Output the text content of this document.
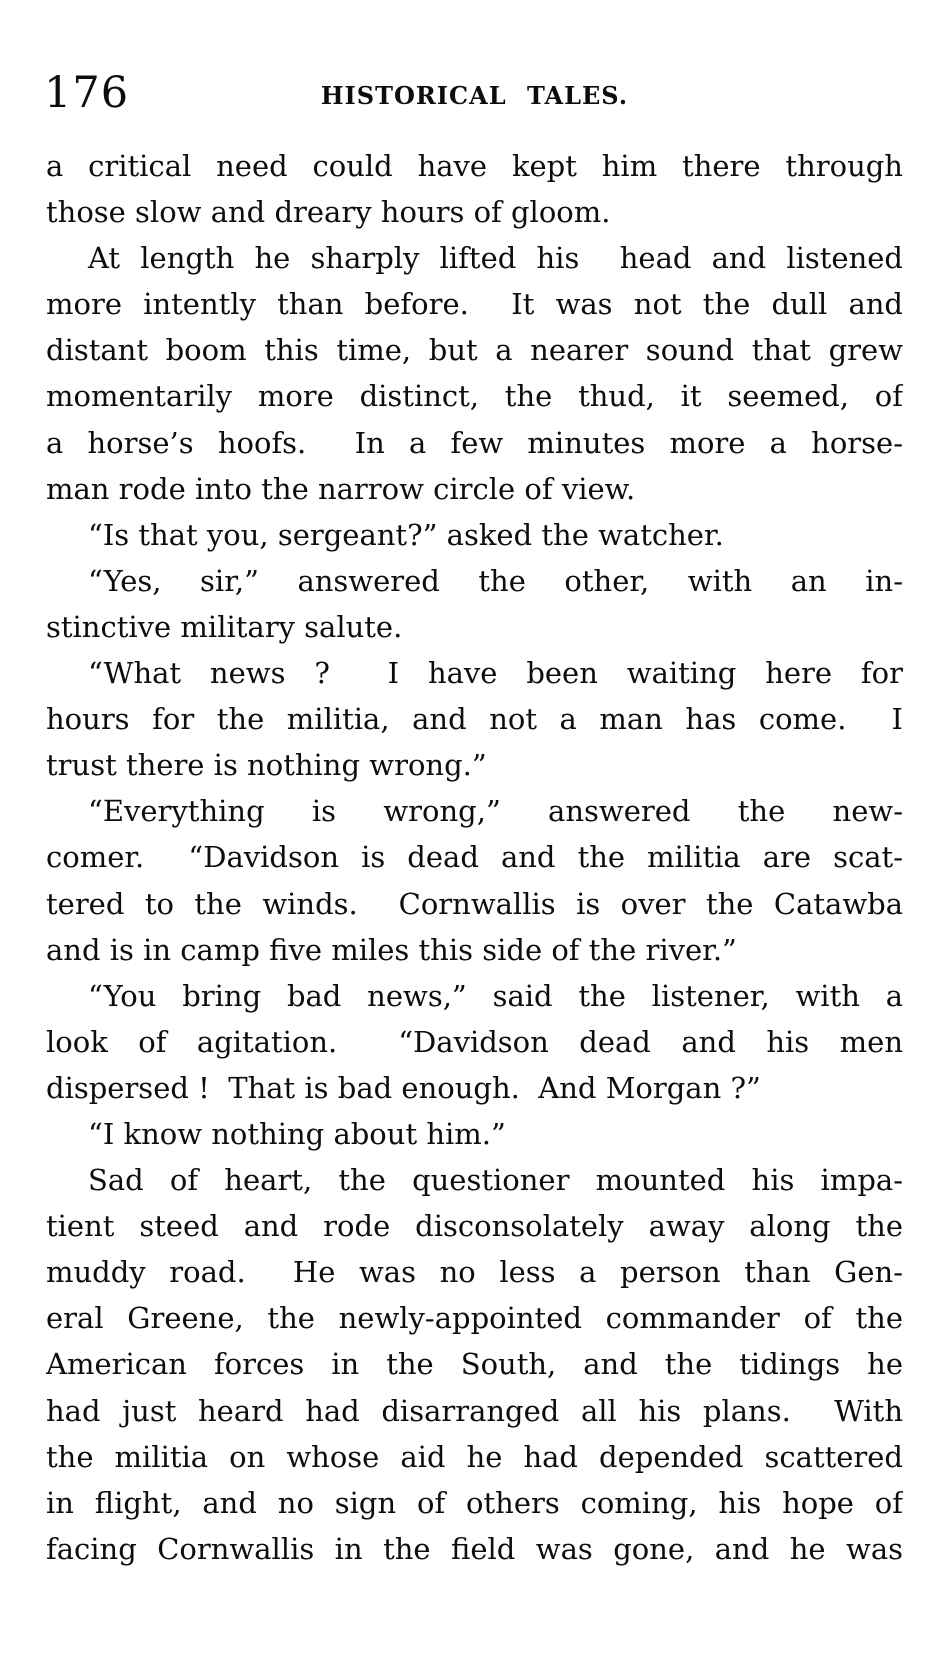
176	HISTORICAL TALES.
a critical need could have kept him there through
those slow and dreary hours of gloom.
At length he sharply lifted his  head and listened
more intently than before.  It was not the dull and
distant boom this time, but a nearer sound that grew
momentarily more distinct, the thud, it seemed, of
a horse’s hoofs.  In a few minutes more a horse-
man rode into the narrow circle of view.
“Is that you, sergeant?” asked the watcher.
“Yes, sir,” answered the other, with an in-
stinctive military salute.
“What news ?  I have been waiting here for
hours for the militia, and not a man has come.  I
trust there is nothing wrong.”
“Everything is wrong,” answered the new-
comer.  “Davidson is dead and the militia are scat-
tered to the winds.  Cornwallis is over the Catawba
and is in camp five miles this side of the river.”
“You bring bad news,” said the listener, with a
look of agitation.  “Davidson dead and his men
dispersed !  That is bad enough.  And Morgan ?”
“I know nothing about him.”
Sad of heart, the questioner mounted his impa-
tient steed and rode disconsolately away along the
muddy road.  He was no less a person than Gen-
eral Greene, the newly-appointed commander of the
American forces in the South, and the tidings he
had just heard had disarranged all his plans.  With
the militia on whose aid he had depended scattered
in flight, and no sign of others coming, his hope of
facing Cornwallis in the field was gone, and he was
